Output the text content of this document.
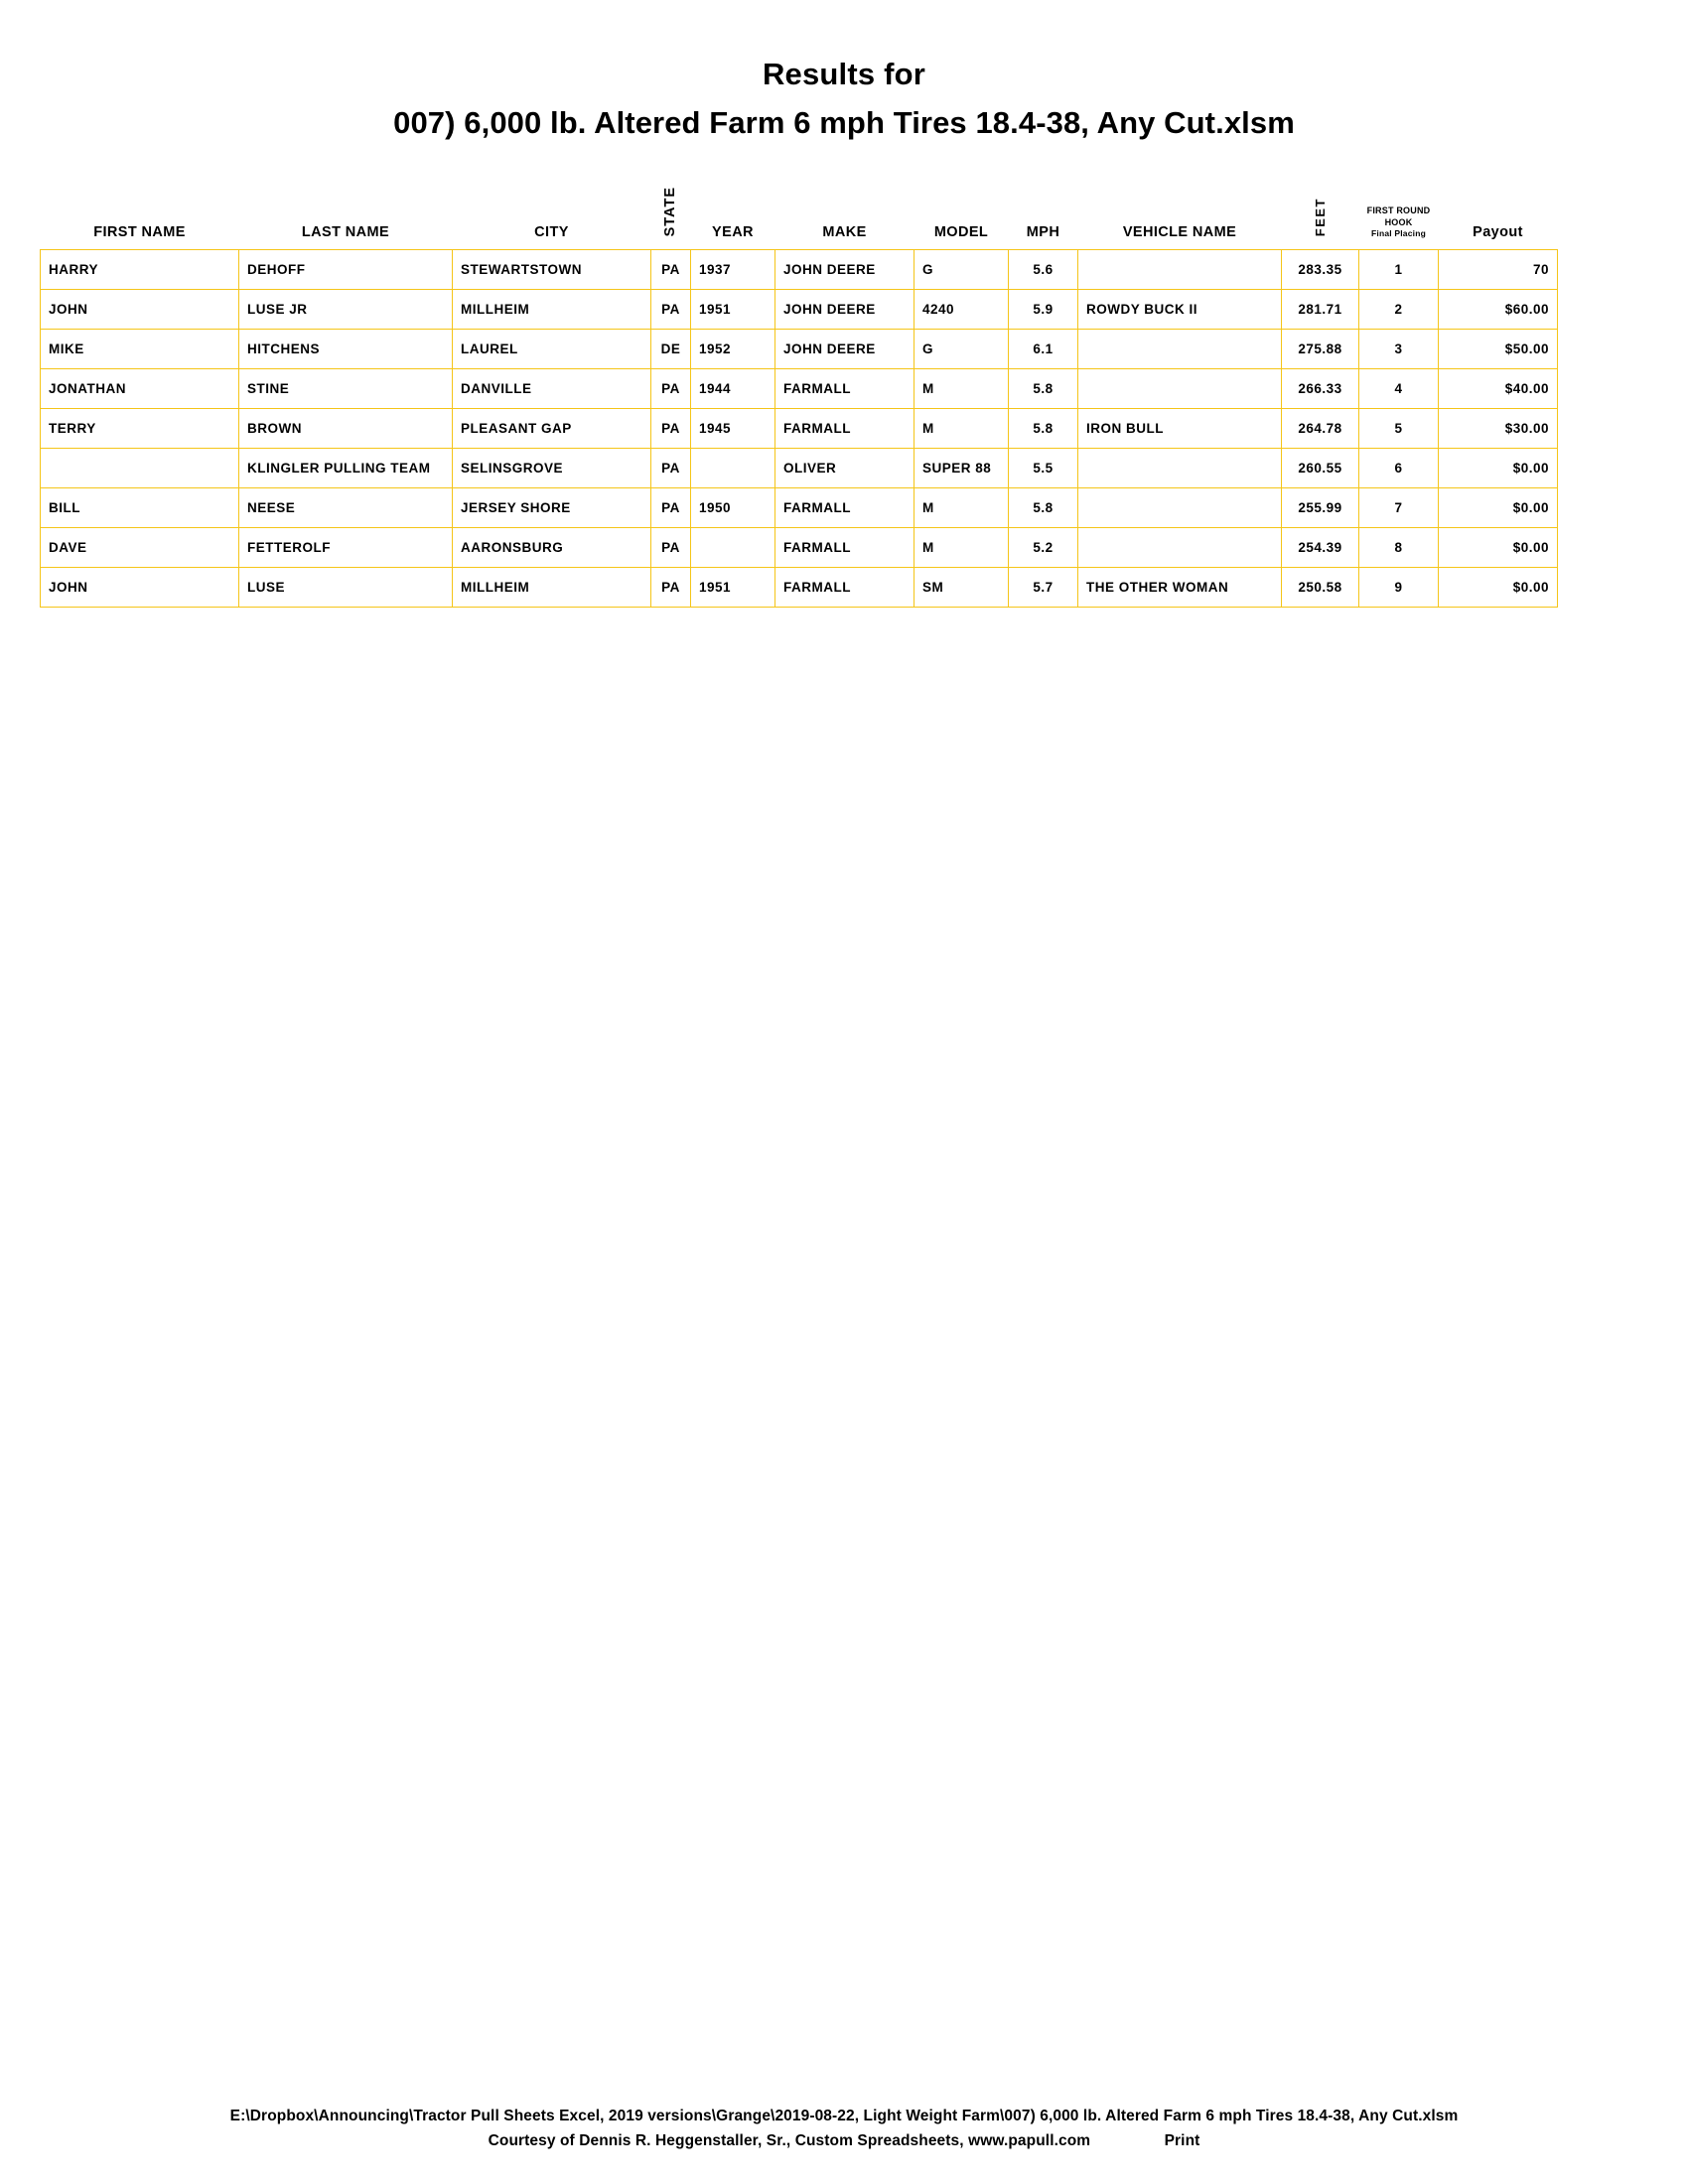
Results for
007) 6,000 lb. Altered Farm 6 mph Tires 18.4-38, Any Cut.xlsm
FIRST NAME	LAST NAME	CITY	STATE	YEAR	MAKE	MODEL	MPH	VEHICLE NAME	FEET	FIRST ROUND
HOOK
Final Placing	Payout
HARRY	DEHOFF	STEWARTSTOWN	PA	1937	JOHN DEERE	G	5.6		283.35	1	70
JOHN	LUSE JR	MILLHEIM	PA	1951	JOHN DEERE	4240	5.9	ROWDY BUCK II	281.71	2	$60.00
MIKE	HITCHENS	LAUREL	DE	1952	JOHN DEERE	G	6.1		275.88	3	$50.00
JONATHAN	STINE	DANVILLE	PA	1944	FARMALL	M	5.8		266.33	4	$40.00
TERRY	BROWN	PLEASANT GAP	PA	1945	FARMALL	M	5.8	IRON BULL	264.78	5	$30.00
	KLINGLER PULLING TEAM	SELINSGROVE	PA		OLIVER	SUPER 88	5.5		260.55	6	$0.00
BILL	NEESE	JERSEY SHORE	PA	1950	FARMALL	M	5.8		255.99	7	$0.00
DAVE	FETTEROLF	AARONSBURG	PA		FARMALL	M	5.2		254.39	8	$0.00
JOHN	LUSE	MILLHEIM	PA	1951	FARMALL	SM	5.7	THE OTHER WOMAN	250.58	9	$0.00
E:\Dropbox\Announcing\Tractor Pull Sheets Excel, 2019 versions\Grange\2019-08-22, Light Weight Farm\007) 6,000 lb. Altered Farm 6 mph Tires 18.4-38, Any Cut.xlsm
Courtesy of Dennis R. Heggenstaller, Sr., Custom Spreadsheets, www.papull.com	Print
